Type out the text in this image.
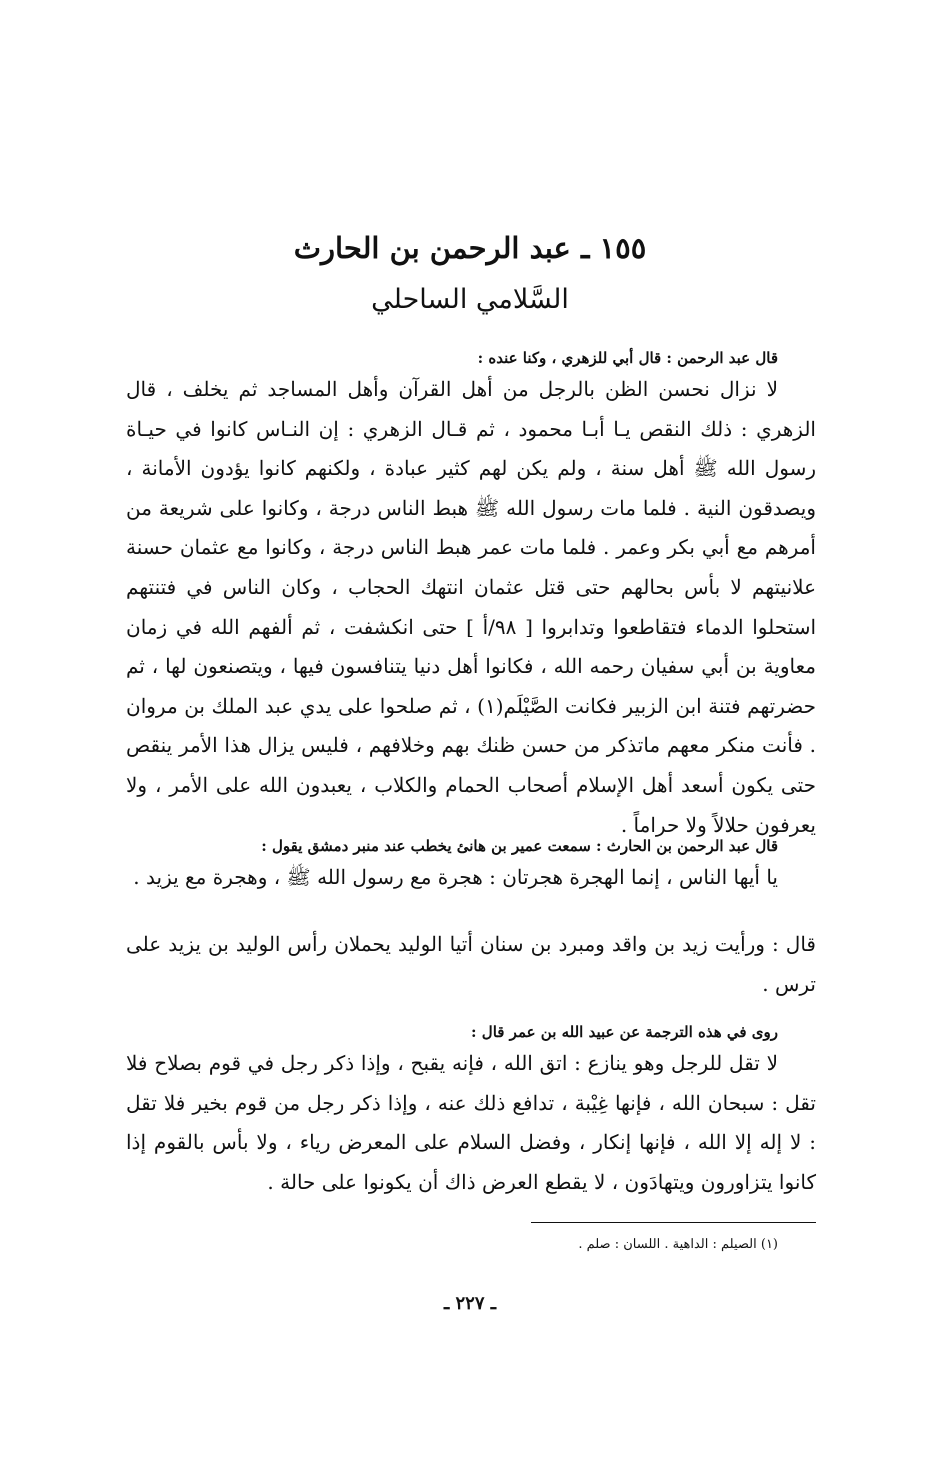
١٥٥ ـ عبد الرحمن بن الحارث
السَّلامي الساحلي
قال عبد الرحمن : قال أبي للزهري ، وكنا عنده :
لا نزال نحسن الظن بالرجل من أهل القرآن وأهل المساجد ثم يخلف ، قال الزهري : ذلك النقص يـا أبـا محمود ، ثم قـال الزهري : إن النـاس كانوا في حيـاة رسول الله ﷺ أهل سنة ، ولم يكن لهم كثير عبادة ، ولكنهم كانوا يؤدون الأمانة ، ويصدقون النية . فلما مات رسول الله ﷺ هبط الناس درجة ، وكانوا على شريعة من أمرهم مع أبي بكر وعمر . فلما مات عمر هبط الناس درجة ، وكانوا مع عثمان حسنة علانيتهم لا بأس بحالهم حتى قتل عثمان انتهك الحجاب ، وكان الناس في فتنتهم استحلوا الدماء فتقاطعوا وتدابروا [ ٩٨/أ ] حتى انكشفت ، ثم ألفهم الله في زمان معاوية بن أبي سفيان رحمه الله ، فكانوا أهل دنيا يتنافسون فيها ، ويتصنعون لها ، ثم حضرتهم فتنة ابن الزبير فكانت الصَّيْلَم(١) ، ثم صلحوا على يدي عبد الملك بن مروان . فأنت منكر معهم ماتذكر من حسن ظنك بهم وخلافهم ، فليس يزال هذا الأمر ينقص حتى يكون أسعد أهل الإسلام أصحاب الحمام والكلاب ، يعبدون الله على الأمر ، ولا يعرفون حلالاً ولا حراماً .
قال عبد الرحمن بن الحارث : سمعت عمير بن هانئ يخطب عند منبر دمشق يقول :
يا أيها الناس ، إنما الهجرة هجرتان : هجرة مع رسول الله ﷺ ، وهجرة مع يزيد .
قال : ورأيت زيد بن واقد ومبرد بن سنان أتيا الوليد يحملان رأس الوليد بن يزيد على ترس .
روى في هذه الترجمة عن عبيد الله بن عمر قال :
لا تقل للرجل وهو ينازع : اتق الله ، فإنه يقبح ، وإذا ذكر رجل في قوم بصلاح فلا تقل : سبحان الله ، فإنها غِيْبة ، تدافع ذلك عنه ، وإذا ذكر رجل من قوم بخير فلا تقل : لا إله إلا الله ، فإنها إنكار ، وفضل السلام على المعرض رياء ، ولا بأس بالقوم إذا كانوا يتزاورون ويتهادَون ، لا يقطع العرض ذاك أن يكونوا على حالة .
(١) الصيلم : الداهية . اللسان : صلم .
ـ ٢٢٧ ـ
